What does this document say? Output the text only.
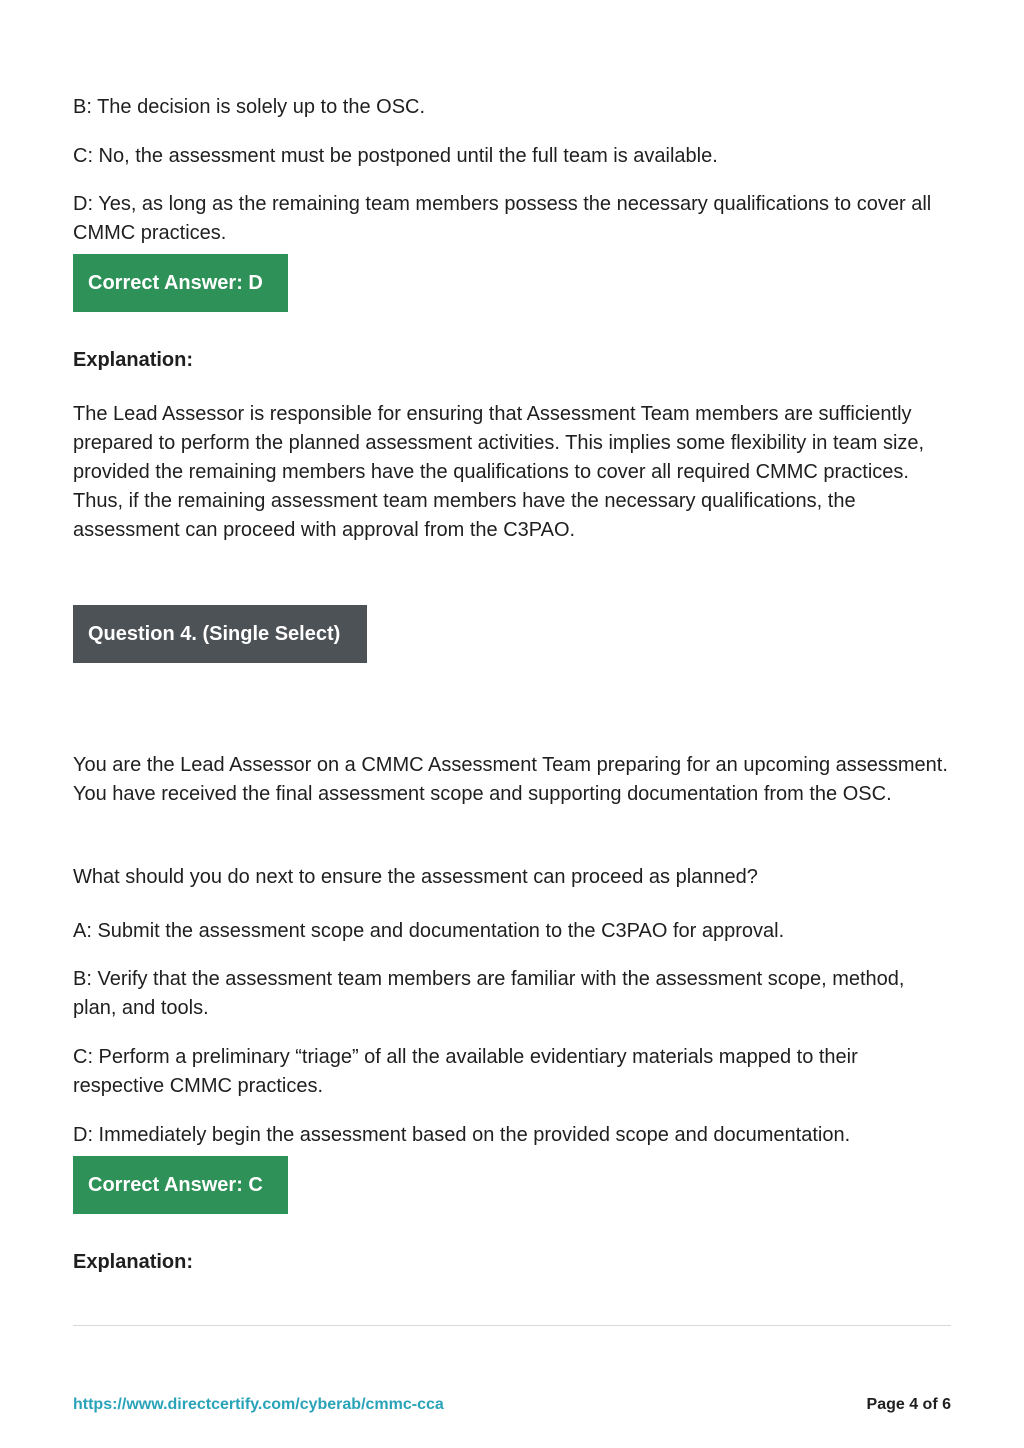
B: The decision is solely up to the OSC.

C: No, the assessment must be postponed until the full team is available.

D: Yes, as long as the remaining team members possess the necessary qualifications to cover all CMMC practices.

Correct Answer: D

Explanation:

The Lead Assessor is responsible for ensuring that Assessment Team members are sufficiently prepared to perform the planned assessment activities. This implies some flexibility in team size, provided the remaining members have the qualifications to cover all required CMMC practices. Thus, if the remaining assessment team members have the necessary qualifications, the assessment can proceed with approval from the C3PAO.

Question 4. (Single Select)

You are the Lead Assessor on a CMMC Assessment Team preparing for an upcoming assessment. You have received the final assessment scope and supporting documentation from the OSC.

What should you do next to ensure the assessment can proceed as planned?

A: Submit the assessment scope and documentation to the C3PAO for approval.

B: Verify that the assessment team members are familiar with the assessment scope, method, plan, and tools.

C: Perform a preliminary “triage” of all the available evidentiary materials mapped to their respective CMMC practices.

D: Immediately begin the assessment based on the provided scope and documentation.

Correct Answer: C

Explanation:

https://www.directcertify.com/cyberab/cmmc-cca	Page 4 of 6
